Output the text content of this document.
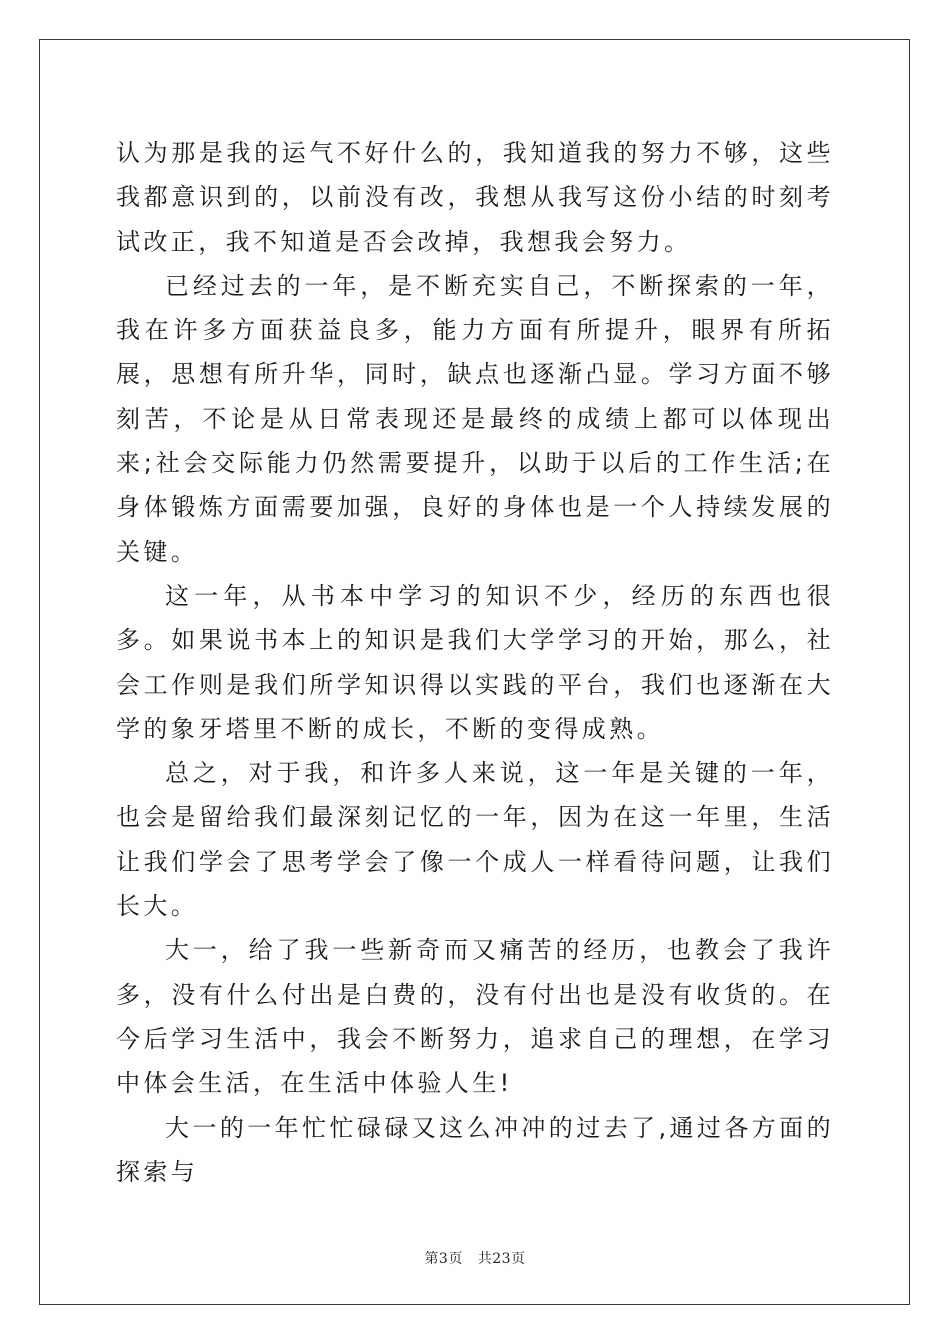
认为那是我的运气不好什么的，我知道我的努力不够，这些我都意识到的，以前没有改，我想从我写这份小结的时刻考试改正，我不知道是否会改掉，我想我会努力。

已经过去的一年，是不断充实自己，不断探索的一年，我在许多方面获益良多，能力方面有所提升，眼界有所拓展，思想有所升华，同时，缺点也逐渐凸显。学习方面不够刻苦，不论是从日常表现还是最终的成绩上都可以体现出来;社会交际能力仍然需要提升，以助于以后的工作生活;在身体锻炼方面需要加强，良好的身体也是一个人持续发展的关键。

这一年，从书本中学习的知识不少，经历的东西也很多。如果说书本上的知识是我们大学学习的开始，那么，社会工作则是我们所学知识得以实践的平台，我们也逐渐在大学的象牙塔里不断的成长，不断的变得成熟。

总之，对于我，和许多人来说，这一年是关键的一年，也会是留给我们最深刻记忆的一年，因为在这一年里，生活让我们学会了思考学会了像一个成人一样看待问题，让我们长大。

大一，给了我一些新奇而又痛苦的经历，也教会了我许多，没有什么付出是白费的，没有付出也是没有收货的。在今后学习生活中，我会不断努力，追求自己的理想，在学习中体会生活，在生活中体验人生!

大一的一年忙忙碌碌又这么冲冲的过去了,通过各方面的探索与

第3页 共23页
